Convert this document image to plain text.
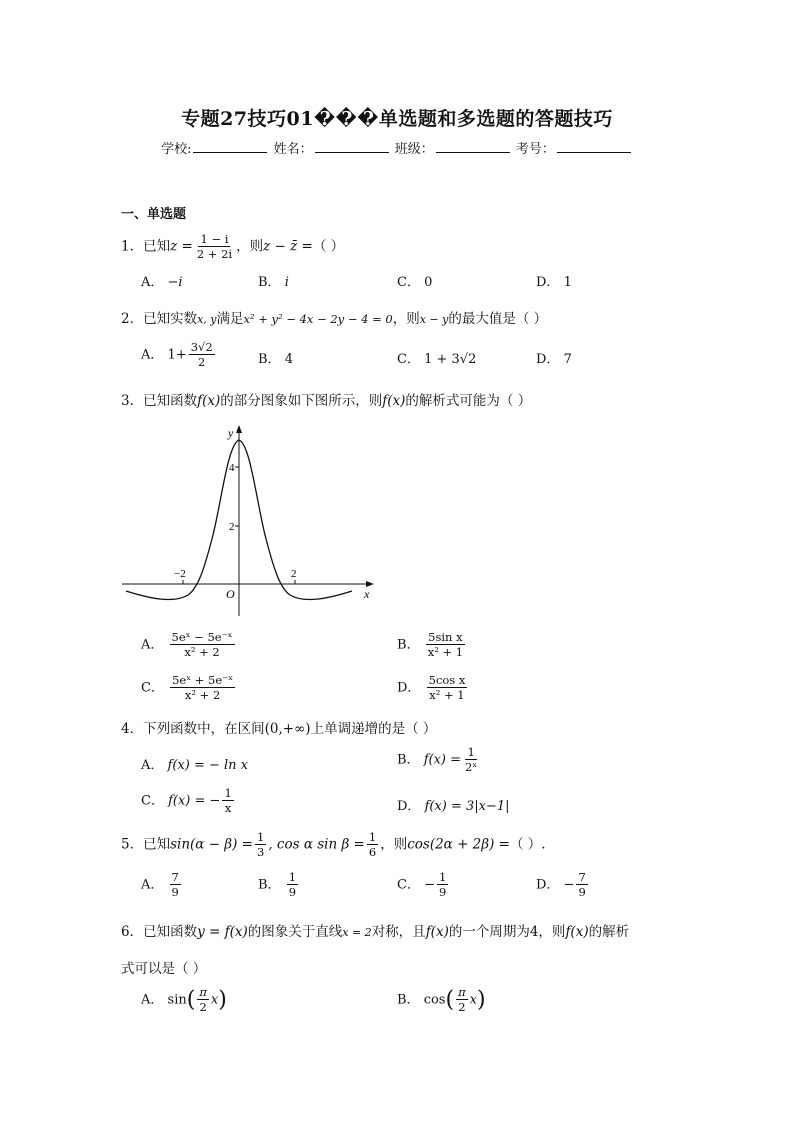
专题27技巧01���单选题和多选题的答题技巧
学校:	姓名：	班级：	考号：
一、单选题
1．已知$z = \frac{1 - i}{2 + 2i}$ ，则z − z̄ =（ ）
A． −i	B． i	C． 0	D． 1
2．已知实数x, y满足x² + y² − 4x − 2y − 4 = 0，则x − y的最大值是（ ）
A． $1+ \frac{3√2}{2}$	B． 4	C． 1 + 3√2	D． 7
3．已知函数f(x)的部分图象如下图所示，则f(x)的解析式可能为（ ）
y
x
O
4
2
−2	2
A． $\frac{\text{5eˣ − 5e⁻ˣ}}{\text{x² + 2}}$	B． $\frac{\text{5sin x}}{\text{x² + 1}}$
C． $\frac{\text{5eˣ + 5e⁻ˣ}}{\text{x² + 2}}$	D． $\frac{\text{5cos x}}{\text{x² + 1}}$
4．下列函数中，在区间(0,+∞)上单调递增的是（ ）
A． f(x) = − ln x	B． $f(x) = \frac{1}{\text{2ˣ}}$
C． f(x) = − $\frac{1}{x}$	D． f(x) = 3|x−1|
5．已知$\sin(\alpha - \beta) = \frac{1}{3}$ , cos α $\sin \beta = \frac{1}{6}$ ，则cos(2α + 2β) =（ ）.
A． $\frac{7}{9}$	B． $\frac{1}{9}$	C． − $\frac{1}{9}$	D． − $\frac{7}{9}$
6．已知函数y = f(x)的图象关于直线x = 2对称，且f(x)的一个周期为4，则f(x)的解析
式可以是（ ）
A． $\sin( \frac{\pi}{2} x)$	B． $\cos( \frac{\pi}{2} x)$
